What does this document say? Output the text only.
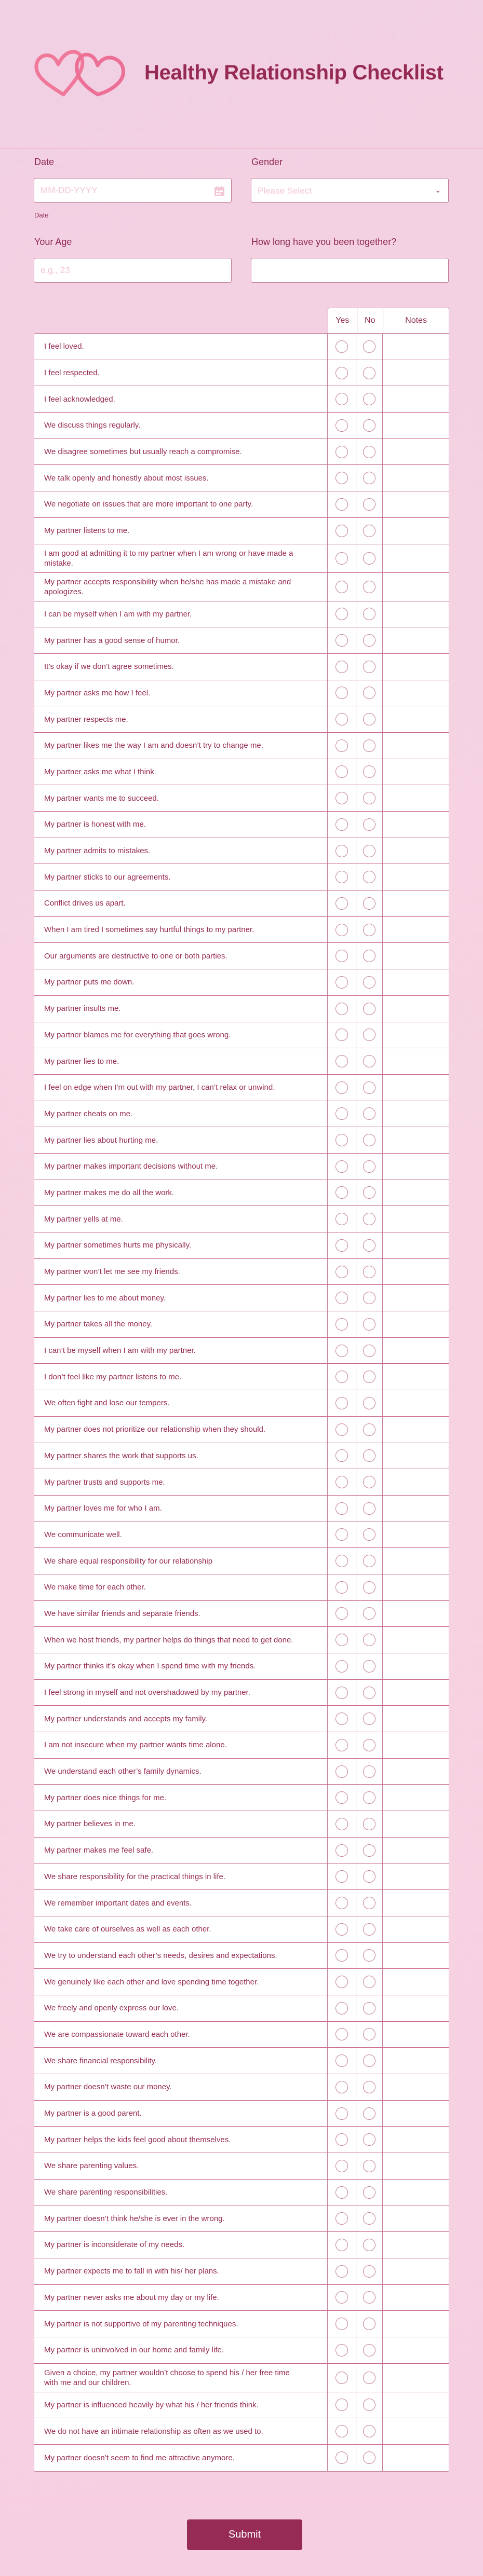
Healthy Relationship Checklist
Date
MM-DD-YYYY
Date
Gender
Please Select	⌄
Your Age
e.g., 23	How long have you been together?
Yes	No	Notes
I feel loved.
I feel respected.
I feel acknowledged.
We discuss things regularly.
We disagree sometimes but usually reach a compromise.
We talk openly and honestly about most issues.
We negotiate on issues that are more important to one party.
My partner listens to me.
I am good at admitting it to my partner when I am wrong or have made a mistake.
My partner accepts responsibility when he/she has made a mistake and apologizes.
I can be myself when I am with my partner.
My partner has a good sense of humor.
It’s okay if we don’t agree sometimes.
My partner asks me how I feel.
My partner respects me.
My partner likes me the way I am and doesn’t try to change me.
My partner asks me what I think.
My partner wants me to succeed.
My partner is honest with me.
My partner admits to mistakes.
My partner sticks to our agreements.
Conflict drives us apart.
When I am tired I sometimes say hurtful things to my partner.
Our arguments are destructive to one or both parties.
My partner puts me down.
My partner insults me.
My partner blames me for everything that goes wrong.
My partner lies to me.
I feel on edge when I’m out with my partner, I can’t relax or unwind.
My partner cheats on me.
My partner lies about hurting me.
My partner makes important decisions without me.
My partner makes me do all the work.
My partner yells at me.
My partner sometimes hurts me physically.
My partner won’t let me see my friends.
My partner lies to me about money.
My partner takes all the money.
I can’t be myself when I am with my partner.
I don’t feel like my partner listens to me.
We often fight and lose our tempers.
My partner does not prioritize our relationship when they should.
My partner shares the work that supports us.
My partner trusts and supports me.
My partner loves me for who I am.
We communicate well.
We share equal responsibility for our relationship
We make time for each other.
We have similar friends and separate friends.
When we host friends, my partner helps do things that need to get done.
My partner thinks it’s okay when I spend time with my friends.
I feel strong in myself and not overshadowed by my partner.
My partner understands and accepts my family.
I am not insecure when my partner wants time alone.
We understand each other’s family dynamics.
My partner does nice things for me.
My partner believes in me.
My partner makes me feel safe.
We share responsibility for the practical things in life.
We remember important dates and events.
We take care of ourselves as well as each other.
We try to understand each other’s needs, desires and expectations.
We genuinely like each other and love spending time together.
We freely and openly express our love.
We are compassionate toward each other.
We share financial responsibility.
My partner doesn’t waste our money.
My partner is a good parent.
My partner helps the kids feel good about themselves.
We share parenting values.
We share parenting responsibilities.
My partner doesn’t think he/she is ever in the wrong.
My partner is inconsiderate of my needs.
My partner expects me to fall in with his/ her plans.
My partner never asks me about my day or my life.
My partner is not supportive of my parenting techniques.
My partner is uninvolved in our home and family life.
Given a choice, my partner wouldn’t choose to spend his / her free time with me and our children.
My partner is influenced heavily by what his / her friends think.
We do not have an intimate relationship as often as we used to.
My partner doesn’t seem to find me attractive anymore.
Submit
